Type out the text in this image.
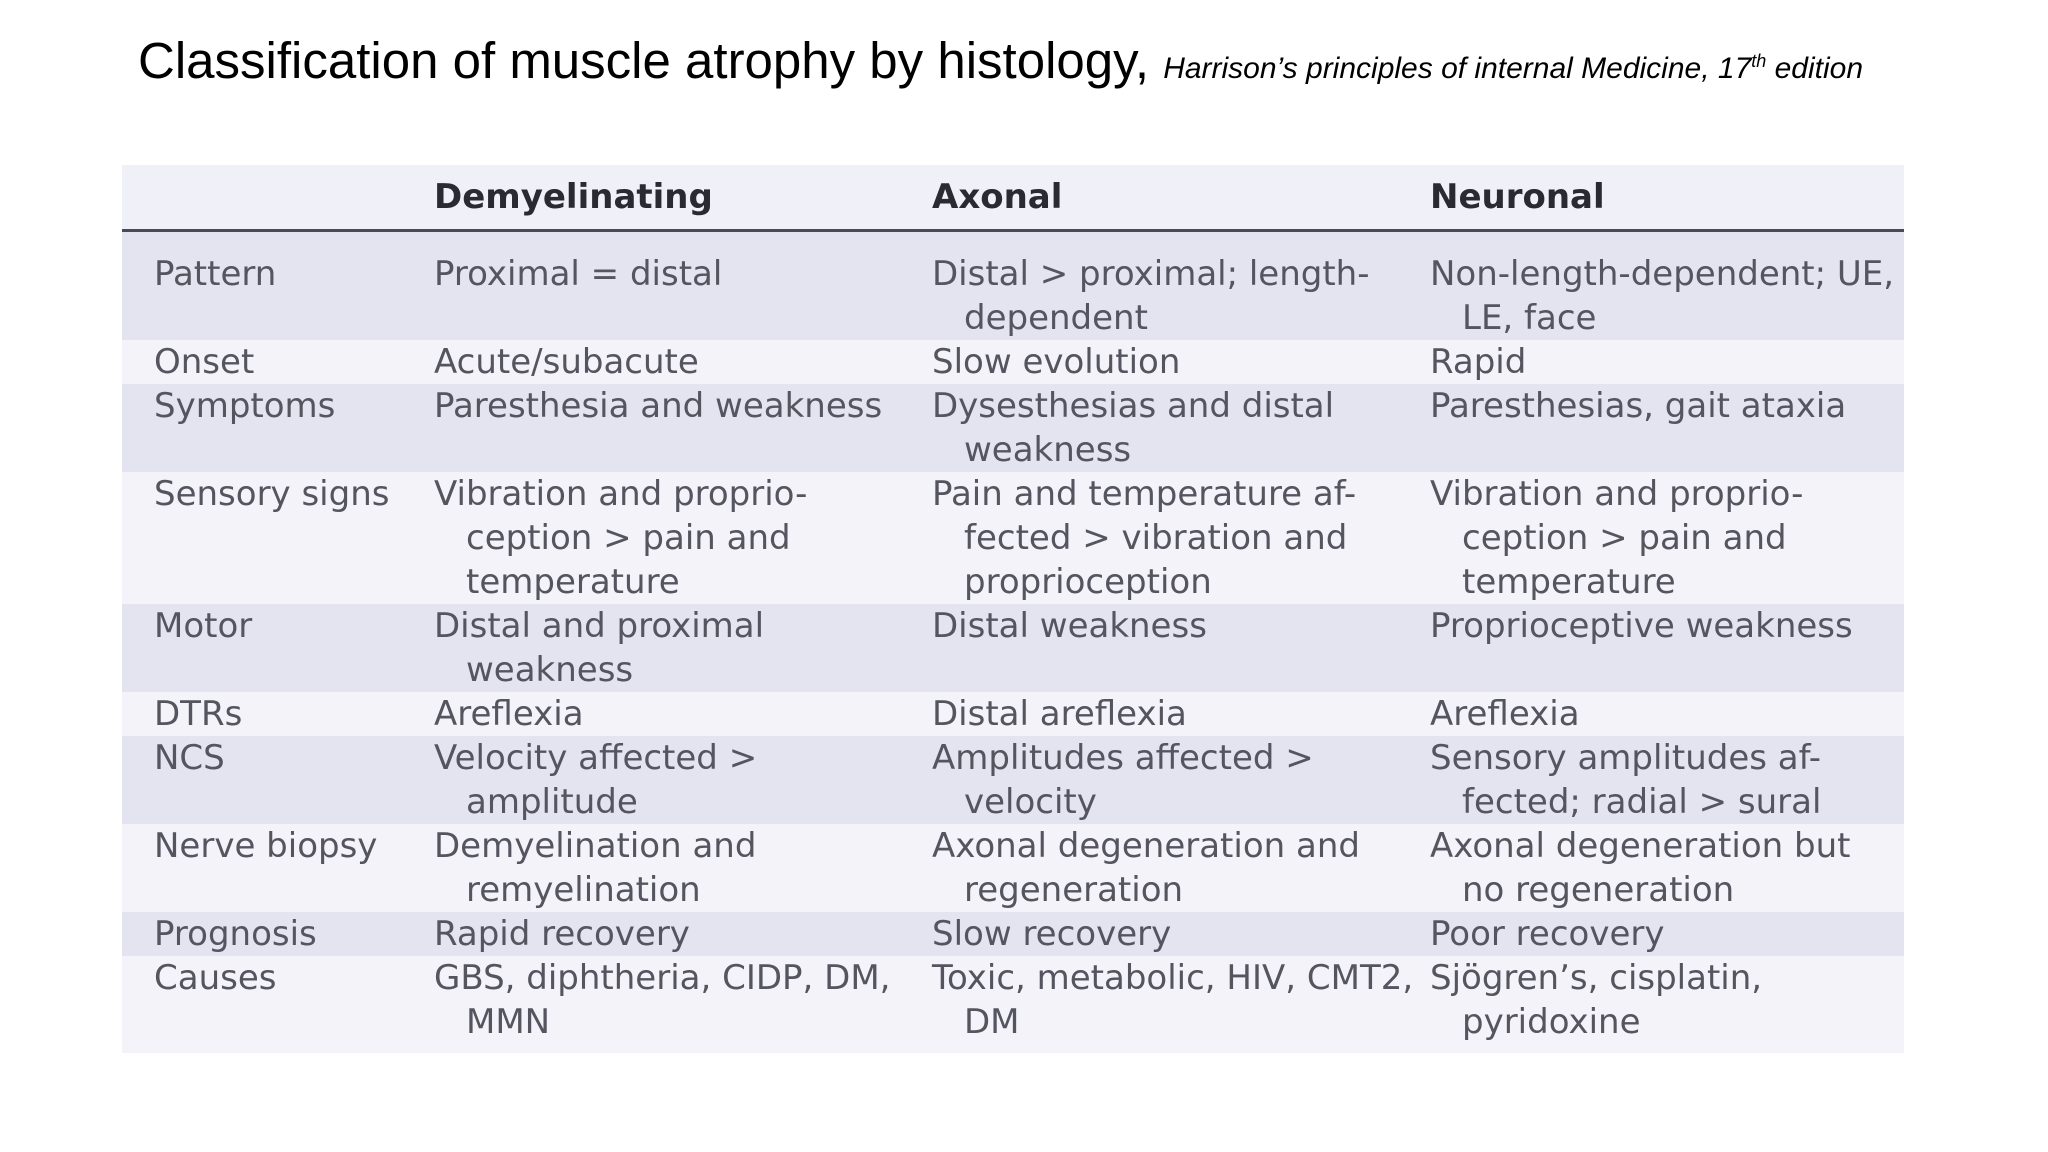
Classification of muscle atrophy by histology, Harrison’s principles of internal Medicine, 17th edition
	Demyelinating	Axonal	Neuronal
Pattern	Proximal = distal	Distal > proximal; length-dependent	Non-length-dependent; UE, LE, face

Onset	Acute/subacute	Slow evolution	Rapid

Symptoms	Paresthesia and weakness	Dysesthesias and distal weakness	Paresthesias, gait ataxia

Sensory signs	Vibration and proprio-ception > pain and temperature	Pain and temperature af-fected > vibration and proprioception	Vibration and proprio-ception > pain and temperature

Motor	Distal and proximal weakness	Distal weakness	Proprioceptive weakness

DTRs	Areflexia	Distal areflexia	Areflexia

NCS	Velocity affected > amplitude	Amplitudes affected > velocity	Sensory amplitudes af-fected; radial > sural

Nerve biopsy	Demyelination and remyelination	Axonal degeneration and regeneration	Axonal degeneration but no regeneration

Prognosis	Rapid recovery	Slow recovery	Poor recovery

Causes	GBS, diphtheria, CIDP, DM, MMN	Toxic, metabolic, HIV, CMT2, DM	Sjögren’s, cisplatin, pyridoxine
